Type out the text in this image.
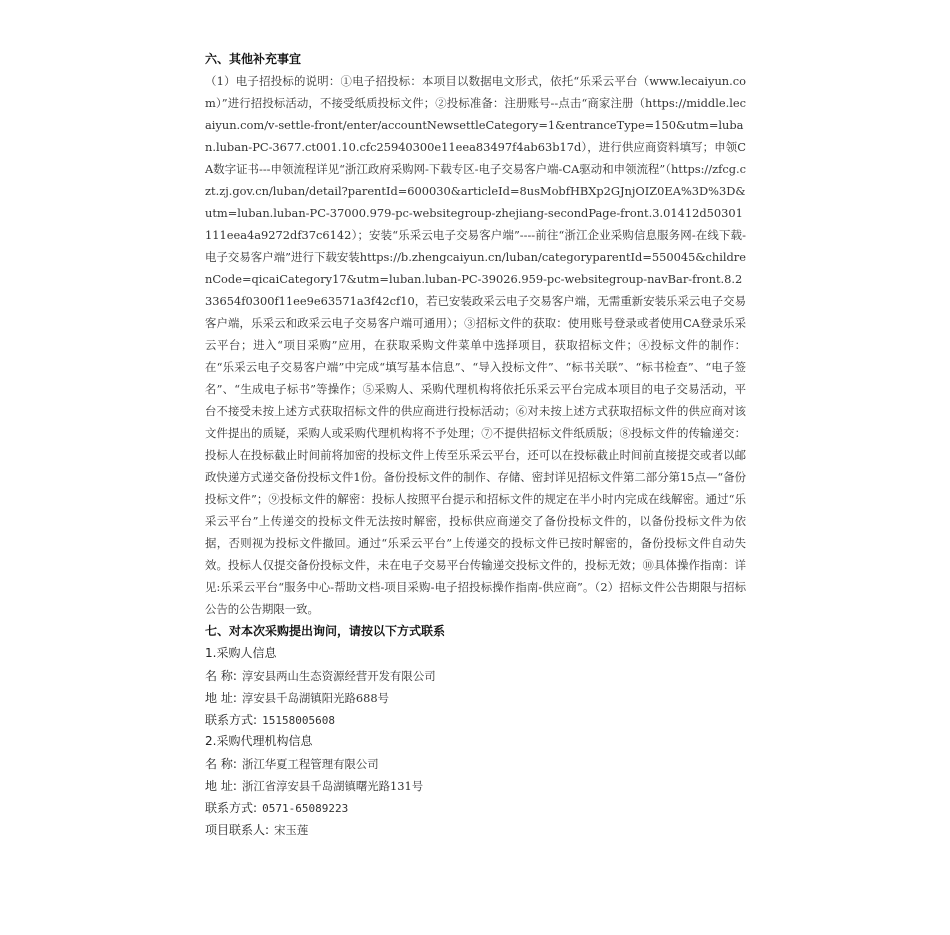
六、其他补充事宜
（1）电子招投标的说明：①电子招投标：本项目以数据电文形式，依托“乐采云平台（www.lecaiyun.com）”进行招投标活动，不接受纸质投标文件；②投标准备：注册账号--点击“商家注册（https://middle.lecaiyun.com/v-settle-front/enter/accountNewsettleCategory=1&entranceType=150&utm=luban.luban-PC-3677.ct001.10.cfc25940300e11eea83497f4ab63b17d），进行供应商资料填写；申领CA数字证书---申领流程详见“浙江政府采购网-下载专区-电子交易客户端-CA驱动和申领流程”（https://zfcg.czt.zj.gov.cn/luban/detail?parentId=600030&articleId=8usMobfHBXp2GJnjOIZ0EA%3D%3D&utm=luban.luban-PC-37000.979-pc-websitegroup-zhejiang-secondPage-front.3.01412d50301111eea4a9272df37c6142）；安装“乐采云电子交易客户端”----前往“浙江企业采购信息服务网-在线下载-电子交易客户端”进行下载安装https://b.zhengcaiyun.cn/luban/categoryparentId=550045&childrenCode=qicaiCategory17&utm=luban.luban-PC-39026.959-pc-websitegroup-navBar-front.8.233654f0300f11ee9e63571a3f42cf10，若已安装政采云电子交易客户端，无需重新安装乐采云电子交易客户端，乐采云和政采云电子交易客户端可通用）；③招标文件的获取：使用账号登录或者使用CA登录乐采云平台；进入“项目采购”应用，在获取采购文件菜单中选择项目，获取招标文件；④投标文件的制作：在“乐采云电子交易客户端”中完成“填写基本信息”、“导入投标文件”、“标书关联”、“标书检查”、“电子签名”、“生成电子标书”等操作；⑤采购人、采购代理机构将依托乐采云平台完成本项目的电子交易活动，平台不接受未按上述方式获取招标文件的供应商进行投标活动；⑥对未按上述方式获取招标文件的供应商对该文件提出的质疑，采购人或采购代理机构将不予处理；⑦不提供招标文件纸质版；⑧投标文件的传输递交：投标人在投标截止时间前将加密的投标文件上传至乐采云平台，还可以在投标截止时间前直接提交或者以邮政快递方式递交备份投标文件1份。备份投标文件的制作、存储、密封详见招标文件第二部分第15点—“备份投标文件”；⑨投标文件的解密：投标人按照平台提示和招标文件的规定在半小时内完成在线解密。通过“乐采云平台”上传递交的投标文件无法按时解密，投标供应商递交了备份投标文件的，以备份投标文件为依据，否则视为投标文件撤回。通过“乐采云平台”上传递交的投标文件已按时解密的，备份投标文件自动失效。投标人仅提交备份投标文件，未在电子交易平台传输递交投标文件的，投标无效；⑩具体操作指南：详见:乐采云平台“服务中心-帮助文档-项目采购-电子招投标操作指南-供应商”。（2）招标文件公告期限与招标公告的公告期限一致。
七、对本次采购提出询问，请按以下方式联系
1.采购人信息
名 称: 淳安县两山生态资源经营开发有限公司
地 址: 淳安县千岛湖镇阳光路688号
联系方式: 15158005608
2.采购代理机构信息
名 称: 浙江华夏工程管理有限公司
地 址: 浙江省淳安县千岛湖镇曙光路131号
联系方式: 0571-65089223
项目联系人: 宋玉莲
